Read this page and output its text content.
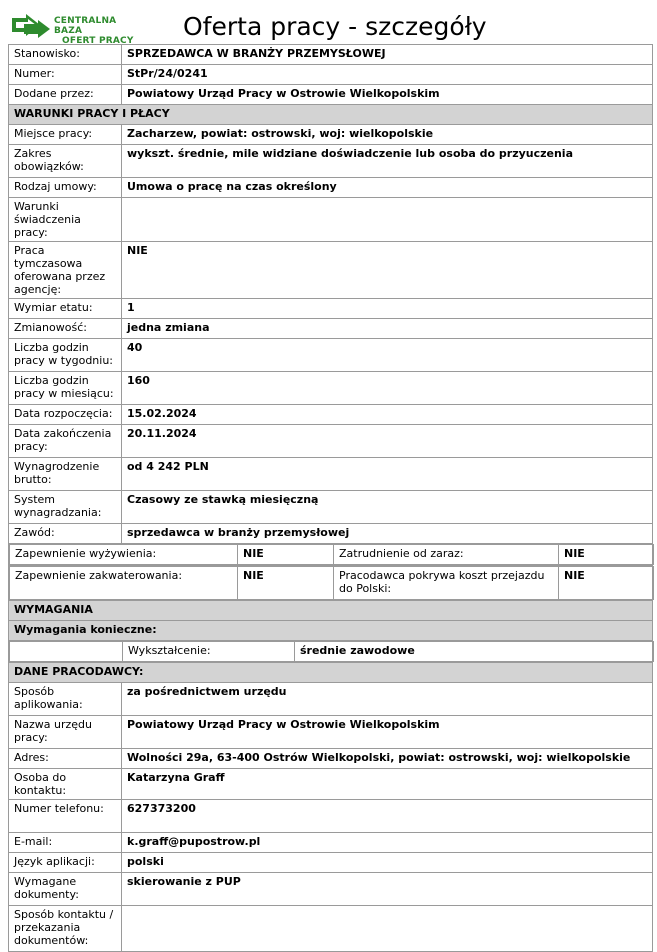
CENTRALNA BAZA
OFERT PRACY Oferta pracy - szczegóły
Stanowisko:	SPRZEDAWCA W BRANŻY PRZEMYSŁOWEJ
Numer:	StPr/24/0241
Dodane przez:	Powiatowy Urząd Pracy w Ostrowie Wielkopolskim
WARUNKI PRACY I PŁACY
Miejsce pracy:	Zacharzew, powiat: ostrowski, woj: wielkopolskie
Zakres obowiązków:	wykszt. średnie, mile widziane doświadczenie lub osoba do przyuczenia
Rodzaj umowy:	Umowa o pracę na czas określony
Warunki świadczenia pracy:	
Praca tymczasowa oferowana przez agencję:	NIE
Wymiar etatu:	1
Zmianowość:	jedna zmiana
Liczba godzin pracy w tygodniu:	40
Liczba godzin pracy w miesiącu:	160
Data rozpoczęcia:	15.02.2024
Data zakończenia pracy:	20.11.2024
Wynagrodzenie brutto:	od 4 242 PLN
System wynagradzania:	Czasowy ze stawką miesięczną
Zawód:	sprzedawca w branży przemysłowej

Zapewnienie wyżywienia:	NIE	Zatrudnienie od zaraz:	NIE

Zapewnienie zakwaterowania:	NIE	Pracodawca pokrywa koszt przejazdu do Polski:	NIE

WYMAGANIA
Wymagania konieczne:

	Wykształcenie:	średnie zawodowe

DANE PRACODAWCY:
Sposób aplikowania:	za pośrednictwem urzędu
Nazwa urzędu pracy:	Powiatowy Urząd Pracy w Ostrowie Wielkopolskim
Adres:	Wolności 29a, 63-400 Ostrów Wielkopolski, powiat: ostrowski, woj: wielkopolskie
Osoba do kontaktu:	Katarzyna Graff
Numer telefonu:	627373200
E-mail:	k.graff@pupostrow.pl
Język aplikacji:	polski
Wymagane dokumenty:	skierowanie z PUP
Sposób kontaktu / przekazania dokumentów:	
